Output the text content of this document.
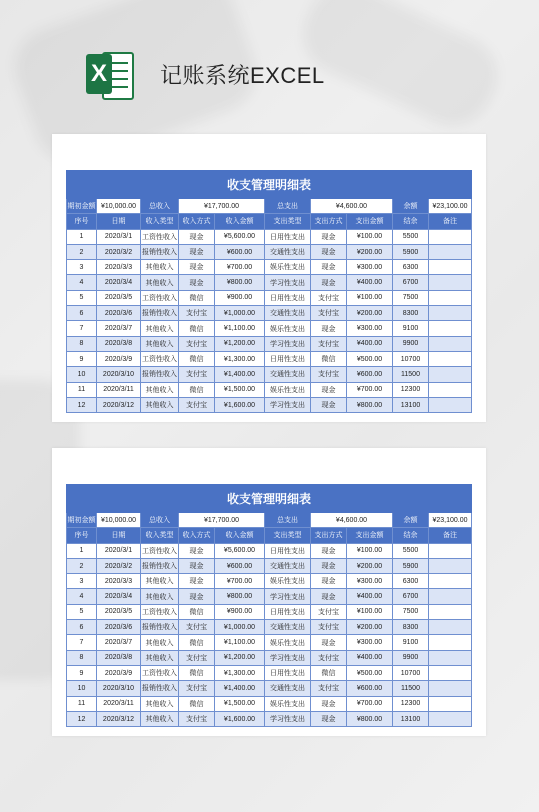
X 记账系统EXCEL
收支管理明细表									
期初金额	¥10,000.00	总收入	¥17,700.00		总支出	¥4,600.00		余额	¥23,100.00
序号	日期	收入类型	收入方式	收入金额	支出类型	支出方式	支出金额	结余	备注
1	2020/3/1	工资性收入	现金	¥5,600.00	日用性支出	现金	¥100.00	5500	
2	2020/3/2	报销性收入	现金	¥600.00	交通性支出	现金	¥200.00	5900	
3	2020/3/3	其他收入	现金	¥700.00	娱乐性支出	现金	¥300.00	6300	
4	2020/3/4	其他收入	现金	¥800.00	学习性支出	现金	¥400.00	6700	
5	2020/3/5	工资性收入	微信	¥900.00	日用性支出	支付宝	¥100.00	7500	
6	2020/3/6	报销性收入	支付宝	¥1,000.00	交通性支出	支付宝	¥200.00	8300	
7	2020/3/7	其他收入	微信	¥1,100.00	娱乐性支出	现金	¥300.00	9100	
8	2020/3/8	其他收入	支付宝	¥1,200.00	学习性支出	支付宝	¥400.00	9900	
9	2020/3/9	工资性收入	微信	¥1,300.00	日用性支出	微信	¥500.00	10700	
10	2020/3/10	报销性收入	支付宝	¥1,400.00	交通性支出	支付宝	¥600.00	11500	
11	2020/3/11	其他收入	微信	¥1,500.00	娱乐性支出	现金	¥700.00	12300	
12	2020/3/12	其他收入	支付宝	¥1,600.00	学习性支出	现金	¥800.00	13100	
收支管理明细表									
期初金额	¥10,000.00	总收入	¥17,700.00		总支出	¥4,600.00		余额	¥23,100.00
序号	日期	收入类型	收入方式	收入金额	支出类型	支出方式	支出金额	结余	备注
1	2020/3/1	工资性收入	现金	¥5,600.00	日用性支出	现金	¥100.00	5500	
2	2020/3/2	报销性收入	现金	¥600.00	交通性支出	现金	¥200.00	5900	
3	2020/3/3	其他收入	现金	¥700.00	娱乐性支出	现金	¥300.00	6300	
4	2020/3/4	其他收入	现金	¥800.00	学习性支出	现金	¥400.00	6700	
5	2020/3/5	工资性收入	微信	¥900.00	日用性支出	支付宝	¥100.00	7500	
6	2020/3/6	报销性收入	支付宝	¥1,000.00	交通性支出	支付宝	¥200.00	8300	
7	2020/3/7	其他收入	微信	¥1,100.00	娱乐性支出	现金	¥300.00	9100	
8	2020/3/8	其他收入	支付宝	¥1,200.00	学习性支出	支付宝	¥400.00	9900	
9	2020/3/9	工资性收入	微信	¥1,300.00	日用性支出	微信	¥500.00	10700	
10	2020/3/10	报销性收入	支付宝	¥1,400.00	交通性支出	支付宝	¥600.00	11500	
11	2020/3/11	其他收入	微信	¥1,500.00	娱乐性支出	现金	¥700.00	12300	
12	2020/3/12	其他收入	支付宝	¥1,600.00	学习性支出	现金	¥800.00	13100	
